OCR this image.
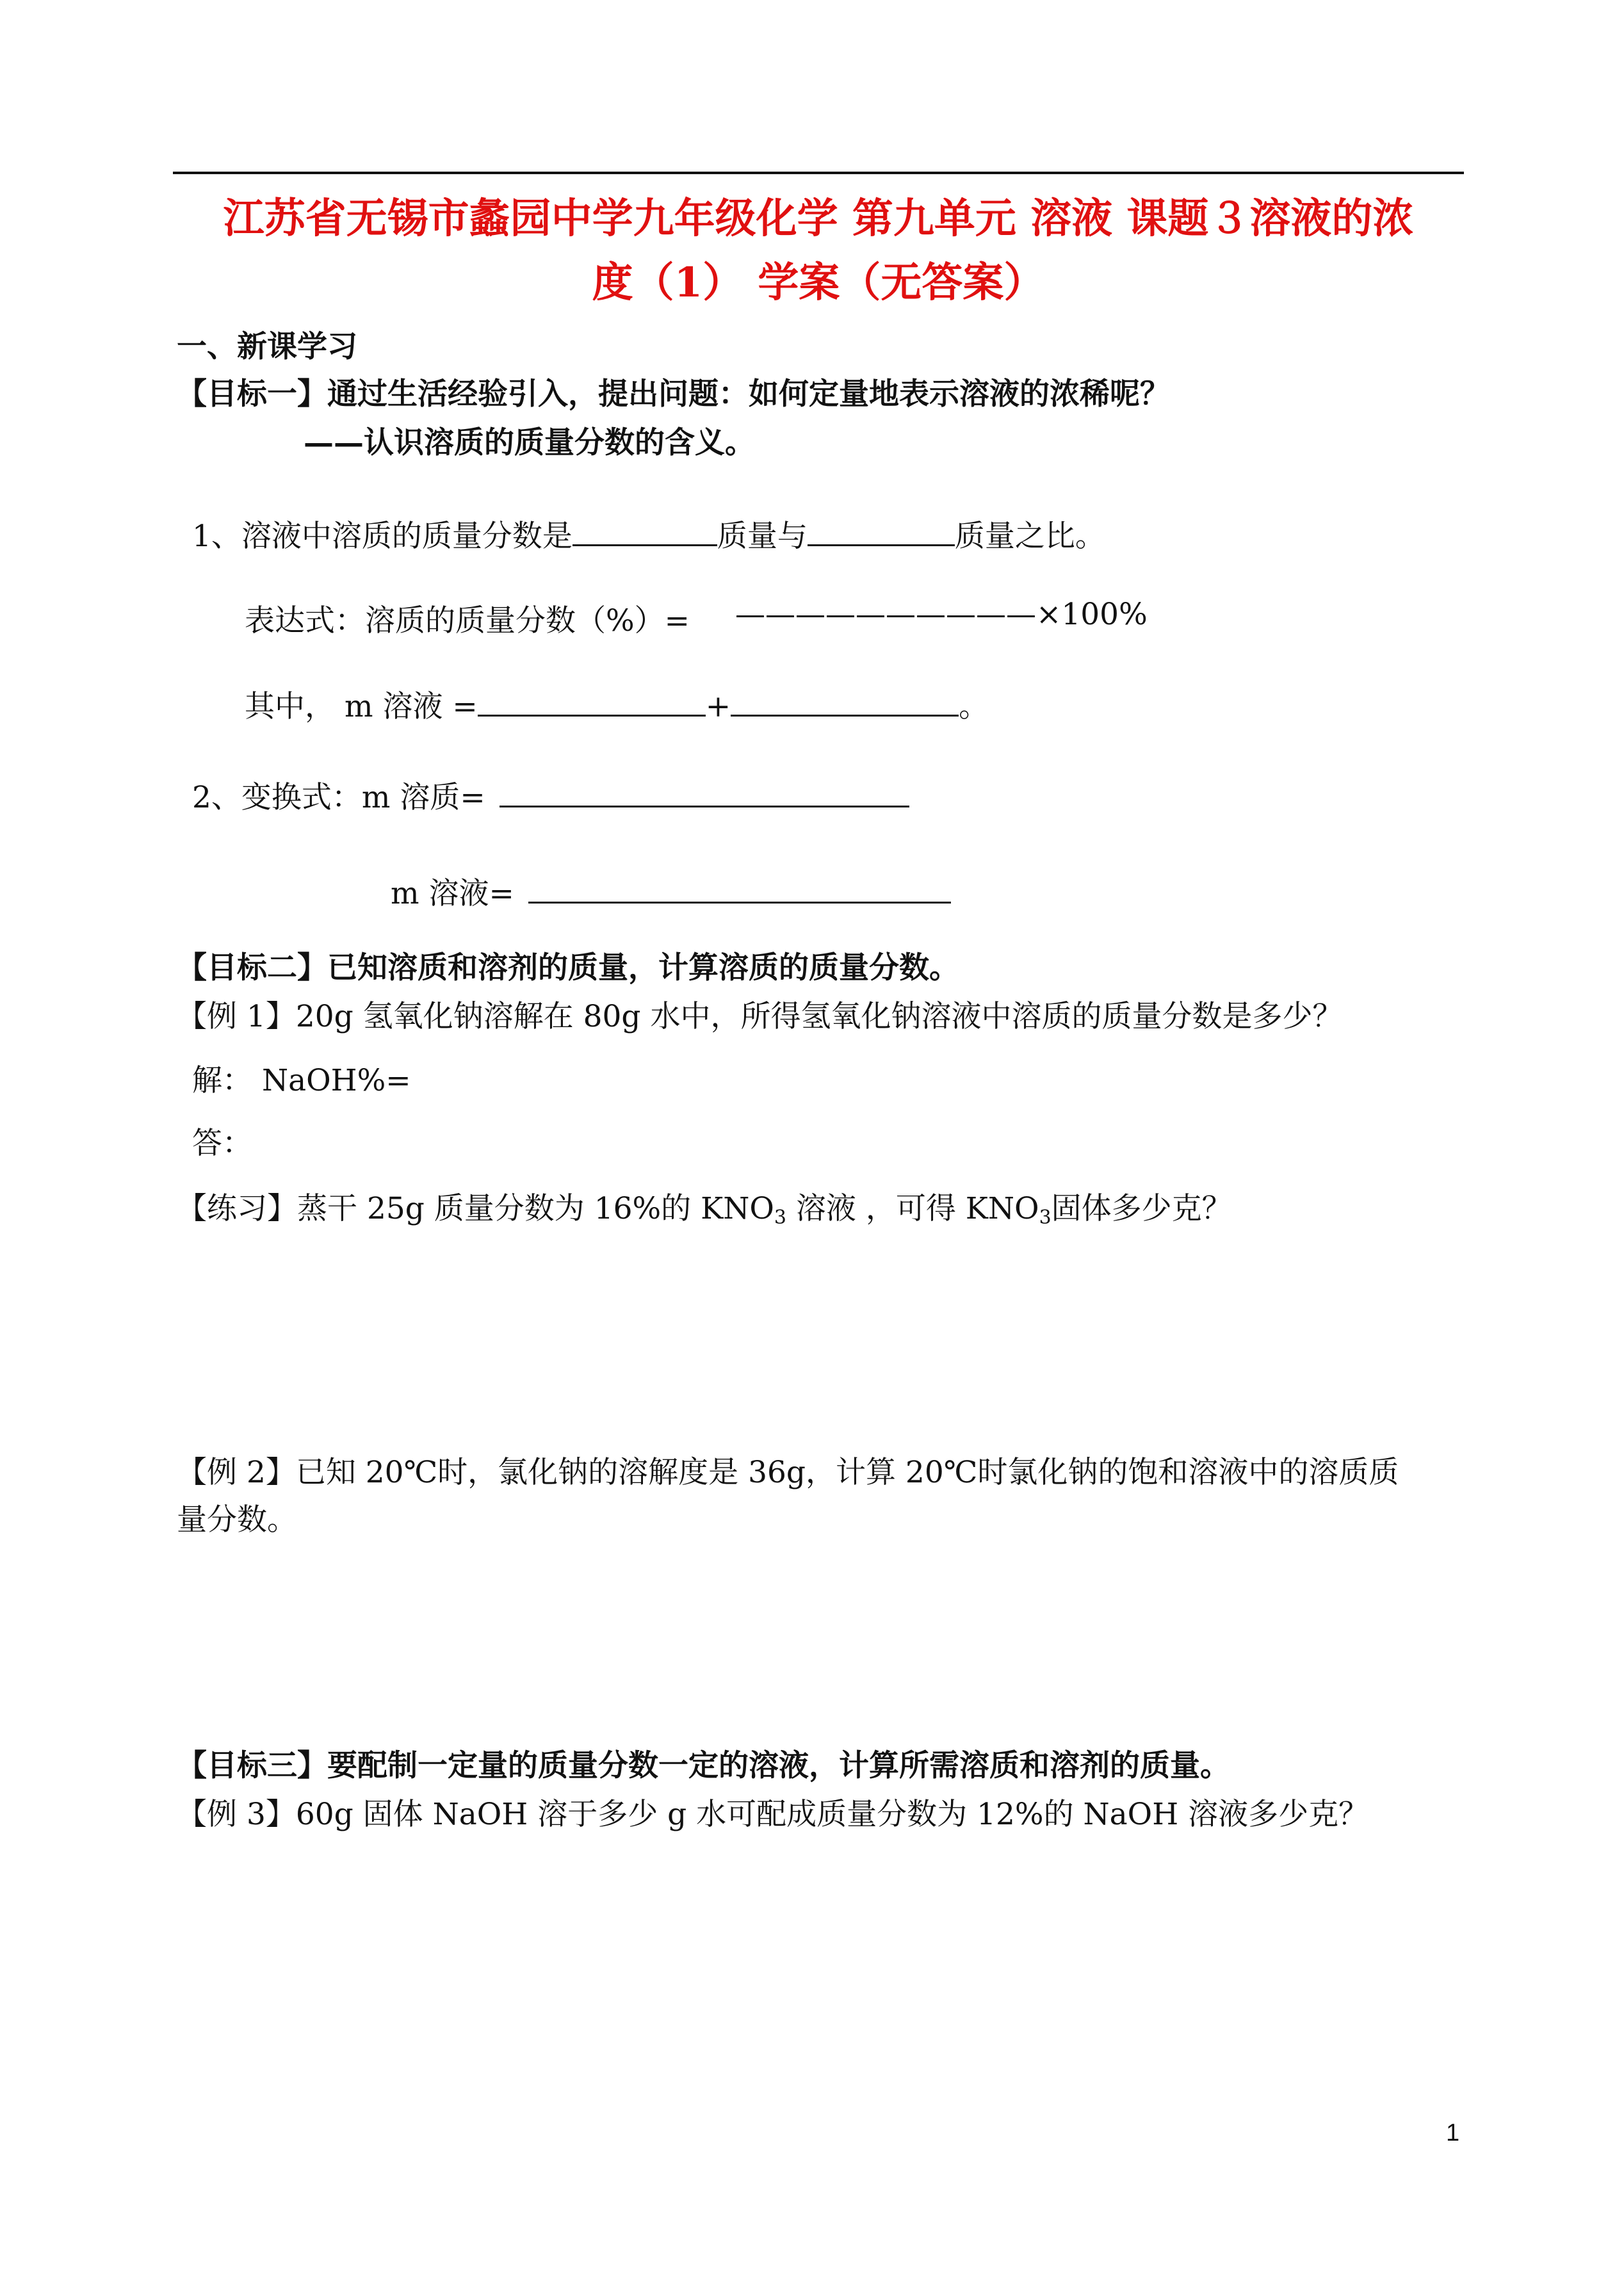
江苏省无锡市蠡园中学九年级化学 第九单元 溶液 课题３溶液的浓
度（1） 学案（无答案）
一、新课学习
【目标一】通过生活经验引入，提出问题：如何定量地表示溶液的浓稀呢？
——认识溶质的质量分数的含义。
1、溶液中溶质的质量分数是	质量与	质量之比。
表达式：溶质的质量分数（%）= ——————————×100%
其中， m 溶液 =	+	。
2、变换式：m 溶质=
m 溶液=
【目标二】已知溶质和溶剂的质量，计算溶质的质量分数。
【例 1】20g 氢氧化钠溶解在 80g 水中，所得氢氧化钠溶液中溶质的质量分数是多少？
解： NaOH%=
答：
【练习】蒸干 25g 质量分数为 16%的 $KNO_3$ 溶液 ，可得 $KNO_3$固体多少克？
【例 2】已知 20℃时，氯化钠的溶解度是 36g，计算 20℃时氯化钠的饱和溶液中的溶质质
量分数。
【目标三】要配制一定量的质量分数一定的溶液，计算所需溶质和溶剂的质量。
【例 3】60g 固体 NaOH 溶于多少 g 水可配成质量分数为 12%的 NaOH 溶液多少克？
1
